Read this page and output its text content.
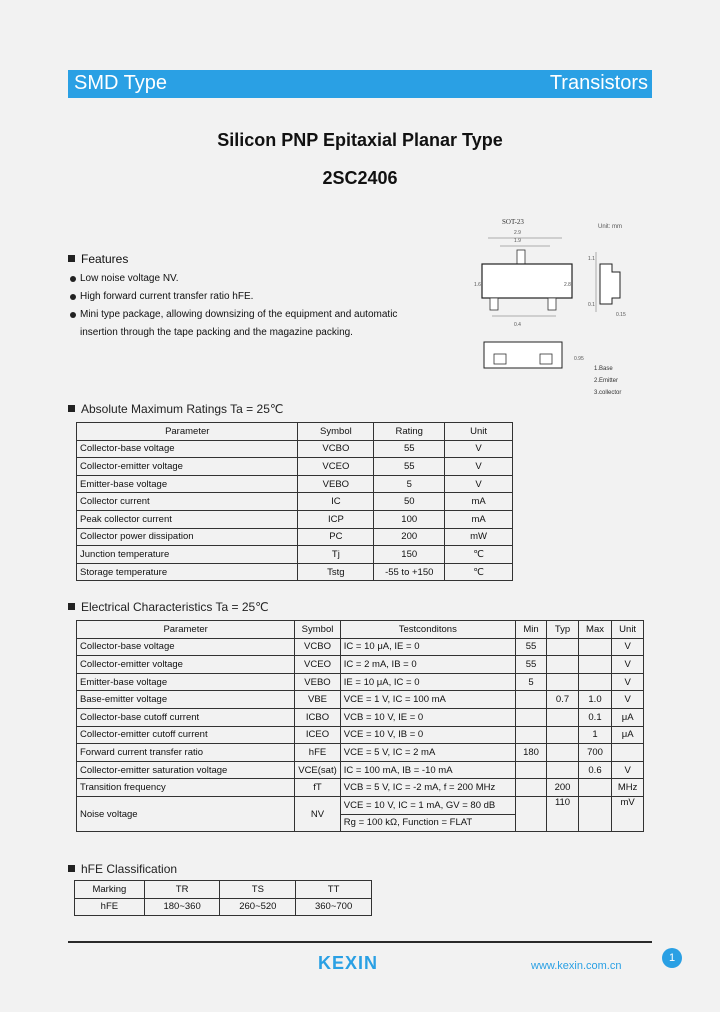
SMD Type	Transistors
Silicon PNP Epitaxial Planar Type
2SC2406
Features
Low noise voltage NV.
High forward current transfer ratio hFE.
Mini type package, allowing downsizing of the equipment and automatic
insertion through the tape packing and the magazine packing.
SOT-23
Unit: mm
2.9
1.9
0.4
1.6	2.8
1.1
0.1
0.15
0.95
1.Base
2.Emitter
3.collector
Absolute Maximum Ratings Ta = 25℃
Parameter	Symbol	Rating	Unit
Collector-base voltage	VCBO	55	V
Collector-emitter voltage	VCEO	55	V
Emitter-base voltage	VEBO	5	V
Collector current	IC	50	mA
Peak collector current	ICP	100	mA
Collector power dissipation	PC	200	mW
Junction temperature	Tj	150	℃
Storage temperature	Tstg	-55 to +150	℃
Electrical Characteristics Ta = 25℃
Parameter	Symbol	Testconditons	Min	Typ	Max	Unit
Collector-base voltage	VCBO	IC = 10 μA, IE = 0	55			V
Collector-emitter voltage	VCEO	IC = 2 mA, IB = 0	55			V
Emitter-base voltage	VEBO	IE = 10 μA, IC = 0	5			V
Base-emitter voltage	VBE	VCE = 1 V, IC = 100 mA		0.7	1.0	V
Collector-base cutoff current	ICBO	VCB = 10 V, IE = 0			0.1	μA
Collector-emitter cutoff current	ICEO	VCE = 10 V, IB = 0			1	μA
Forward current transfer ratio	hFE	VCE = 5 V, IC = 2 mA	180		700	
Collector-emitter saturation voltage	VCE(sat)	IC = 100 mA, IB = -10 mA			0.6	V
Transition frequency	fT	VCB = 5 V, IC = -2 mA, f = 200 MHz		200		MHz
Noise voltage	NV	VCE = 10 V, IC = 1 mA, GV = 80 dB		110		mV
		Rg = 100 kΩ, Function = FLAT				
hFE Classification
Marking	TR	TS	TT
hFE	180~360	260~520	360~700
KEXIN	www.kexin.com.cn
1
